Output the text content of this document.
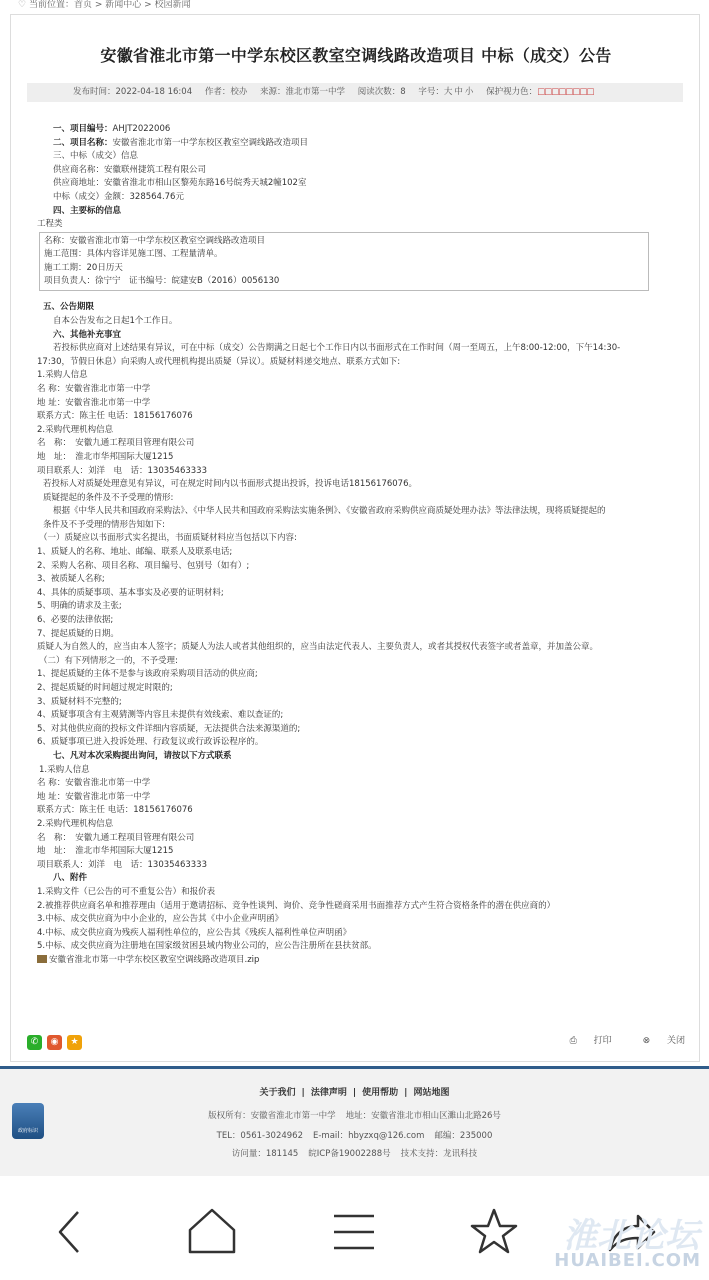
♡ 当前位置：首页 > 新闻中心 > 校园新闻
安徽省淮北市第一中学东校区教室空调线路改造项目 中标（成交）公告
发布时间：2022-04-18 16:04 作者：校办 来源：淮北市第一中学 阅读次数：8 字号：大 中 小 保护视力色：□□□□□□□□
一、项目编号：AHJT2022006
二、项目名称：安徽省淮北市第一中学东校区教室空调线路改造项目
三、中标（成交）信息
供应商名称：安徽联州捷筑工程有限公司
供应商地址：安徽省淮北市相山区黎苑东路16号皖秀天城2幢102室
中标（成交）金额：328564.76元
四、主要标的信息
工程类
名称：安徽省淮北市第一中学东校区教室空调线路改造项目
施工范围：具体内容详见施工图、工程量清单。
施工工期：20日历天
项目负责人：徐宁宁　证书编号：皖建安B（2016）0056130
五、公告期限
自本公告发布之日起1个工作日。
六、其他补充事宜
若投标供应商对上述结果有异议，可在中标（成交）公告期满之日起七个工作日内以书面形式在工作时间（周一至周五，上午8:00-12:00，下午14:30-
17:30，节假日休息）向采购人或代理机构提出质疑（异议）。质疑材料递交地点、联系方式如下:
1.采购人信息
名 称：安徽省淮北市第一中学
地 址：安徽省淮北市第一中学
联系方式：陈主任 电话：18156176076
2.采购代理机构信息
名　称：　安徽九通工程项目管理有限公司
地　址：　淮北市华邦国际大厦1215
项目联系人：刘洋　电　话：13035463333
若投标人对质疑处理意见有异议，可在规定时间内以书面形式提出投诉，投诉电话18156176076。
质疑提起的条件及不予受理的情形:
根据《中华人民共和国政府采购法》、《中华人民共和国政府采购法实施条例》、《安徽省政府采购供应商质疑处理办法》等法律法规，现将质疑提起的
条件及不予受理的情形告知如下:
（一）质疑应以书面形式实名提出，书面质疑材料应当包括以下内容:
1、质疑人的名称、地址、邮编、联系人及联系电话;
2、采购人名称、项目名称、项目编号、包别号（如有）;
3、被质疑人名称;
4、具体的质疑事项、基本事实及必要的证明材料;
5、明确的请求及主张;
6、必要的法律依据;
7、提起质疑的日期。
质疑人为自然人的，应当由本人签字；质疑人为法人或者其他组织的，应当由法定代表人、主要负责人，或者其授权代表签字或者盖章，并加盖公章。
（二）有下列情形之一的，不予受理:
1、提起质疑的主体不是参与该政府采购项目活动的供应商;
2、提起质疑的时间超过规定时限的;
3、质疑材料不完整的;
4、质疑事项含有主观猜测等内容且未提供有效线索、难以查证的;
5、对其他供应商的投标文件详细内容质疑，无法提供合法来源渠道的;
6、质疑事项已进入投诉处理、行政复议或行政诉讼程序的。
七、凡对本次采购提出询问，请按以下方式联系
1.采购人信息
名 称：安徽省淮北市第一中学
地 址：安徽省淮北市第一中学
联系方式：陈主任 电话：18156176076
2.采购代理机构信息
名　称：　安徽九通工程项目管理有限公司
地　址：　淮北市华邦国际大厦1215
项目联系人：刘洋　电　话：13035463333
八、附件
1.采购文件（已公告的可不重复公告）和报价表
2.被推荐供应商名单和推荐理由（适用于邀请招标、竞争性谈判、询价、竞争性磋商采用书面推荐方式产生符合资格条件的潜在供应商的）
3.中标、成交供应商为中小企业的，应公告其《中小企业声明函》
4.中标、成交供应商为残疾人福利性单位的，应公告其《残疾人福利性单位声明函》
5.中标、成交供应商为注册地在国家级贫困县域内物业公司的，应公告注册所在县扶贫部。
安徽省淮北市第一中学东校区教室空调线路改造项目.zip
✆ ◉ ★	⎙ 打印	⊗ 关闭
政府标识
关于我们 | 法律声明 | 使用帮助 | 网站地图
版权所有：安徽省淮北市第一中学 地址：安徽省淮北市相山区濉山北路26号
TEL：0561-3024962 E-mail：hbyzxq@126.com 邮编：235000
访问量：181145 皖ICP备19002288号 技术支持：龙讯科技
淮北论坛
HUAIBEI.COM
